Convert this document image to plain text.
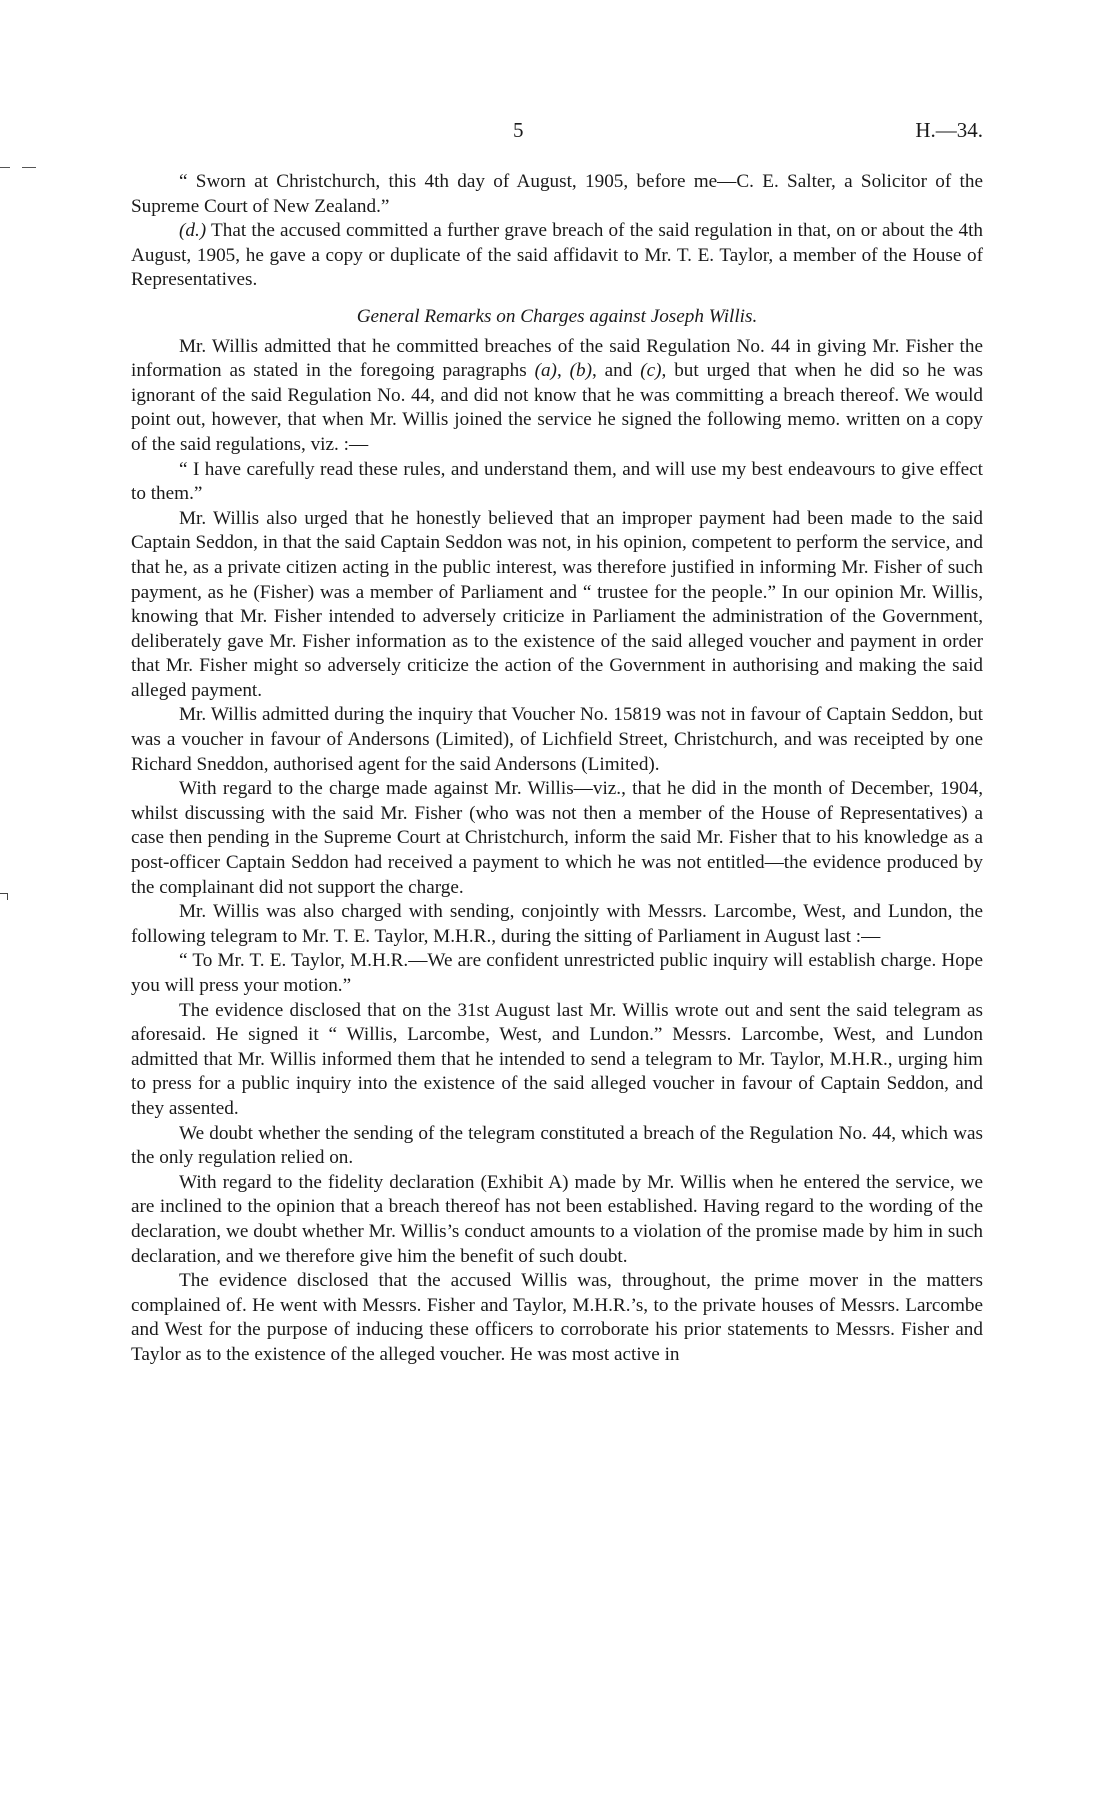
5	H.—34.

“ Sworn at Christchurch, this 4th day of August, 1905, before me—C. E. Salter, a Solicitor of the Supreme Court of New Zealand.”

(d.) That the accused committed a further grave breach of the said regulation in that, on or about the 4th August, 1905, he gave a copy or duplicate of the said affidavit to Mr. T. E. Taylor, a member of the House of Representatives.

General Remarks on Charges against Joseph Willis.

Mr. Willis admitted that he committed breaches of the said Regulation No. 44 in giving Mr. Fisher the information as stated in the foregoing paragraphs (a), (b), and (c), but urged that when he did so he was ignorant of the said Regulation No. 44, and did not know that he was committing a breach thereof. We would point out, however, that when Mr. Willis joined the service he signed the following memo. written on a copy of the said regulations, viz. :—

“ I have carefully read these rules, and understand them, and will use my best endeavours to give effect to them.”

Mr. Willis also urged that he honestly believed that an improper payment had been made to the said Captain Seddon, in that the said Captain Seddon was not, in his opinion, competent to perform the service, and that he, as a private citizen acting in the public interest, was therefore justified in informing Mr. Fisher of such payment, as he (Fisher) was a member of Parliament and “ trustee for the people.” In our opinion Mr. Willis, knowing that Mr. Fisher intended to adversely criticize in Parliament the administration of the Government, deliberately gave Mr. Fisher information as to the existence of the said alleged voucher and payment in order that Mr. Fisher might so adversely criticize the action of the Government in authorising and making the said alleged payment.

Mr. Willis admitted during the inquiry that Voucher No. 15819 was not in favour of Captain Seddon, but was a voucher in favour of Andersons (Limited), of Lichfield Street, Christchurch, and was receipted by one Richard Sneddon, authorised agent for the said Andersons (Limited).

With regard to the charge made against Mr. Willis—viz., that he did in the month of December, 1904, whilst discussing with the said Mr. Fisher (who was not then a member of the House of Representatives) a case then pending in the Supreme Court at Christchurch, inform the said Mr. Fisher that to his knowledge as a post-officer Captain Seddon had received a payment to which he was not entitled—the evidence produced by the complainant did not support the charge.

Mr. Willis was also charged with sending, conjointly with Messrs. Larcombe, West, and Lundon, the following telegram to Mr. T. E. Taylor, M.H.R., during the sitting of Parliament in August last :—

“ To Mr. T. E. Taylor, M.H.R.—We are confident unrestricted public inquiry will establish charge. Hope you will press your motion.”

The evidence disclosed that on the 31st August last Mr. Willis wrote out and sent the said telegram as aforesaid. He signed it “ Willis, Larcombe, West, and Lundon.” Messrs. Larcombe, West, and Lundon admitted that Mr. Willis informed them that he intended to send a telegram to Mr. Taylor, M.H.R., urging him to press for a public inquiry into the existence of the said alleged voucher in favour of Captain Seddon, and they assented.

We doubt whether the sending of the telegram constituted a breach of the Regulation No. 44, which was the only regulation relied on.

With regard to the fidelity declaration (Exhibit A) made by Mr. Willis when he entered the service, we are inclined to the opinion that a breach thereof has not been established. Having regard to the wording of the declaration, we doubt whether Mr. Willis’s conduct amounts to a violation of the promise made by him in such declaration, and we therefore give him the benefit of such doubt.

The evidence disclosed that the accused Willis was, throughout, the prime mover in the matters complained of. He went with Messrs. Fisher and Taylor, M.H.R.’s, to the private houses of Messrs. Larcombe and West for the purpose of inducing these officers to corroborate his prior statements to Messrs. Fisher and Taylor as to the existence of the alleged voucher. He was most active in
